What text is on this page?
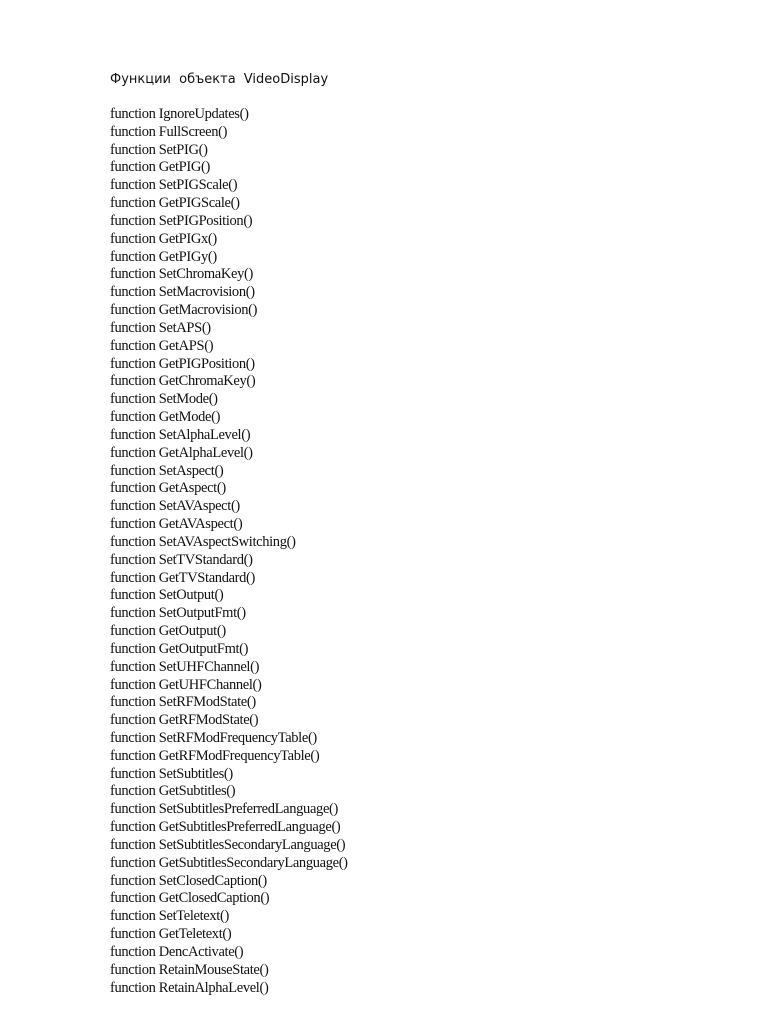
Функции объекта VideoDisplay
function IgnoreUpdates()
function FullScreen()
function SetPIG()
function GetPIG()
function SetPIGScale()
function GetPIGScale()
function SetPIGPosition()
function GetPIGx()
function GetPIGy()
function SetChromaKey()
function SetMacrovision()
function GetMacrovision()
function SetAPS()
function GetAPS()
function GetPIGPosition()
function GetChromaKey()
function SetMode()
function GetMode()
function SetAlphaLevel()
function GetAlphaLevel()
function SetAspect()
function GetAspect()
function SetAVAspect()
function GetAVAspect()
function SetAVAspectSwitching()
function SetTVStandard()
function GetTVStandard()
function SetOutput()
function SetOutputFmt()
function GetOutput()
function GetOutputFmt()
function SetUHFChannel()
function GetUHFChannel()
function SetRFModState()
function GetRFModState()
function SetRFModFrequencyTable()
function GetRFModFrequencyTable()
function SetSubtitles()
function GetSubtitles()
function SetSubtitlesPreferredLanguage()
function GetSubtitlesPreferredLanguage()
function SetSubtitlesSecondaryLanguage()
function GetSubtitlesSecondaryLanguage()
function SetClosedCaption()
function GetClosedCaption()
function SetTeletext()
function GetTeletext()
function DencActivate()
function RetainMouseState()
function RetainAlphaLevel()
